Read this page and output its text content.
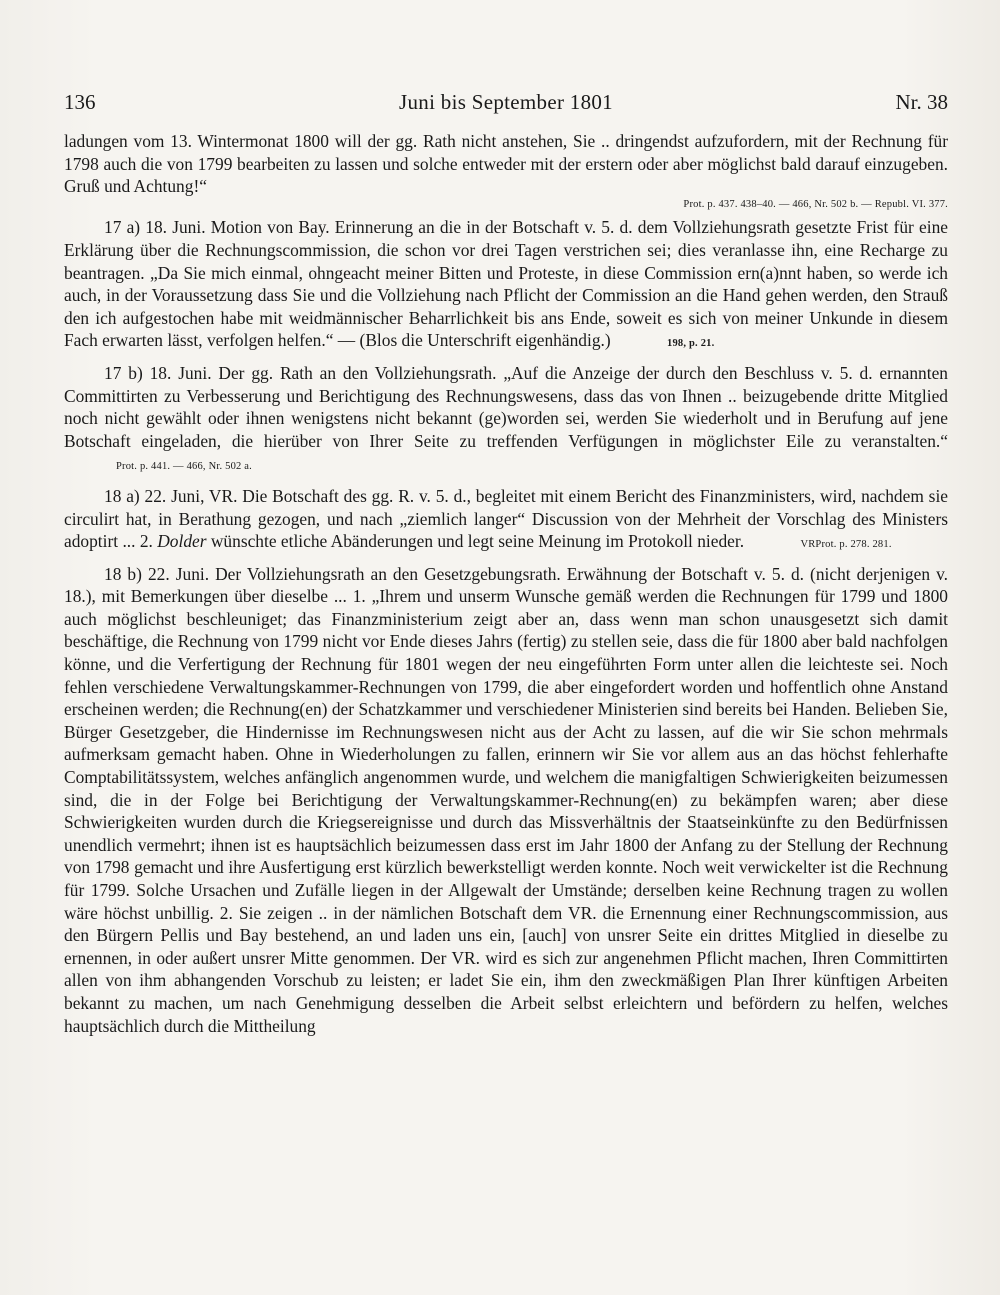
136	Juni bis September 1801	Nr. 38

ladungen vom 13. Wintermonat 1800 will der gg. Rath nicht anstehen, Sie .. dringendst aufzufordern, mit der Rechnung für 1798 auch die von 1799 bearbeiten zu lassen und solche entweder mit der erstern oder aber möglichst bald darauf einzugeben. Gruß und Achtung!“

Prot. p. 437. 438–40. — 466, Nr. 502 b. — Republ. VI. 377.

17 a) 18. Juni. Motion von Bay. Erinnerung an die in der Botschaft v. 5. d. dem Vollziehungsrath gesetzte Frist für eine Erklärung über die Rechnungscommission, die schon vor drei Tagen verstrichen sei; dies veranlasse ihn, eine Recharge zu beantragen. „Da Sie mich einmal, ohngeacht meiner Bitten und Proteste, in diese Commission ern(a)nnt haben, so werde ich auch, in der Voraussetzung dass Sie und die Vollziehung nach Pflicht der Commission an die Hand gehen werden, den Strauß den ich aufgestochen habe mit weidmännischer Beharrlichkeit bis ans Ende, soweit es sich von meiner Unkunde in diesem Fach erwarten lässt, verfolgen helfen.“ — (Blos die Unterschrift eigenhändig.)	198, p. 21.

17 b) 18. Juni. Der gg. Rath an den Vollziehungsrath. „Auf die Anzeige der durch den Beschluss v. 5. d. ernannten Committirten zu Verbesserung und Berichtigung des Rechnungswesens, dass das von Ihnen .. beizugebende dritte Mitglied noch nicht gewählt oder ihnen wenigstens nicht bekannt (ge)worden sei, werden Sie wiederholt und in Berufung auf jene Botschaft eingeladen, die hierüber von Ihrer Seite zu treffenden Verfügungen in möglichster Eile zu veranstalten.“ Prot. p. 441. — 466, Nr. 502 a.

18 a) 22. Juni, VR. Die Botschaft des gg. R. v. 5. d., begleitet mit einem Bericht des Finanzministers, wird, nachdem sie circulirt hat, in Berathung gezogen, und nach „ziemlich langer“ Discussion von der Mehrheit der Vorschlag des Ministers adoptirt ... 2. Dolder wünschte etliche Abänderungen und legt seine Meinung im Protokoll nieder.	VRProt. p. 278. 281.

18 b) 22. Juni. Der Vollziehungsrath an den Gesetzgebungsrath. Erwähnung der Botschaft v. 5. d. (nicht derjenigen v. 18.), mit Bemerkungen über dieselbe ... 1. „Ihrem und unserm Wunsche gemäß werden die Rechnungen für 1799 und 1800 auch möglichst beschleuniget; das Finanzministerium zeigt aber an, dass wenn man schon unausgesetzt sich damit beschäftige, die Rechnung von 1799 nicht vor Ende dieses Jahrs (fertig) zu stellen seie, dass die für 1800 aber bald nachfolgen könne, und die Verfertigung der Rechnung für 1801 wegen der neu eingeführten Form unter allen die leichteste sei. Noch fehlen verschiedene Verwaltungskammer-Rechnungen von 1799, die aber eingefordert worden und hoffentlich ohne Anstand erscheinen werden; die Rechnung(en) der Schatzkammer und verschiedener Ministerien sind bereits bei Handen. Belieben Sie, Bürger Gesetzgeber, die Hindernisse im Rechnungswesen nicht aus der Acht zu lassen, auf die wir Sie schon mehrmals aufmerksam gemacht haben. Ohne in Wiederholungen zu fallen, erinnern wir Sie vor allem aus an das höchst fehlerhafte Comptabilitätssystem, welches anfänglich angenommen wurde, und welchem die manigfaltigen Schwierigkeiten beizumessen sind, die in der Folge bei Berichtigung der Verwaltungskammer-Rechnung(en) zu bekämpfen waren; aber diese Schwierigkeiten wurden durch die Kriegsereignisse und durch das Missverhältnis der Staatseinkünfte zu den Bedürfnissen unendlich vermehrt; ihnen ist es hauptsächlich beizumessen dass erst im Jahr 1800 der Anfang zu der Stellung der Rechnung von 1798 gemacht und ihre Ausfertigung erst kürzlich bewerkstelligt werden konnte. Noch weit verwickelter ist die Rechnung für 1799. Solche Ursachen und Zufälle liegen in der Allgewalt der Umstände; derselben keine Rechnung tragen zu wollen wäre höchst unbillig. 2. Sie zeigen .. in der nämlichen Botschaft dem VR. die Ernennung einer Rechnungscommission, aus den Bürgern Pellis und Bay bestehend, an und laden uns ein, [auch] von unsrer Seite ein drittes Mitglied in dieselbe zu ernennen, in oder außert unsrer Mitte genommen. Der VR. wird es sich zur angenehmen Pflicht machen, Ihren Committirten allen von ihm abhangenden Vorschub zu leisten; er ladet Sie ein, ihm den zweckmäßigen Plan Ihrer künftigen Arbeiten bekannt zu machen, um nach Genehmigung desselben die Arbeit selbst erleichtern und befördern zu helfen, welches hauptsächlich durch die Mittheilung
